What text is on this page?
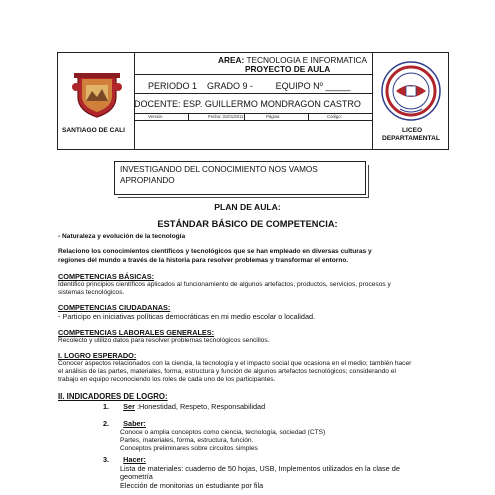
AREA: TECNOLOGIA E INFORMATICA
PROYECTO DE AULA
PERIODO 1 GRADO 9 -	EQUIPO Nº _____
DOCENTE: ESP. GUILLERMO MONDRAGON CASTRO
Versión	Fecha: 31/01/2011	Página	Código:
SANTIAGO DE CALI	LICEO
DEPARTAMENTAL
INVESTIGANDO DEL CONOCIMIENTO NOS VAMOS APROPIANDO
PLAN DE AULA:
ESTÁNDAR BÁSICO DE COMPETENCIA:
- Naturaleza y evolución de la tecnología
Relaciono los conocimientos científicos y tecnológicos que se han empleado en diversas culturas y
regiones del mundo a través de la historia para resolver problemas y transformar el entorno.
COMPETENCIAS BÁSICAS:
Identifico principios científicos aplicados al funcionamiento de algunos artefactos, productos, servicios, procesos y
sistemas tecnológicos.
COMPETENCIAS CIUDADANAS:
- Participo en iniciativas políticas democráticas en mi medio escolar o localidad.
COMPETENCIAS LABORALES GENERALES:
Recolecto y utilizo datos para resolver problemas tecnológicos sencillos.
I. LOGRO ESPERADO:
Conocer aspectos relacionados con la ciencia, la tecnología y el impacto social que ocasiona en el medio; también hacer
el análisis de las partes, materiales, forma, estructura y función de algunos artefactos tecnológicos; considerando el
trabajo en equipo reconociendo los roles de cada uno de los participantes.
II. INDICADORES DE LOGRO:
1. Ser :Honestidad, Respeto, Responsabilidad
2. Saber:
Conoce o amplia conceptos como ciencia, tecnología, sociedad (CTS)
Partes, materiales, forma, estructura, función.
Conceptos preliminares sobre circuitos simples
3. Hacer:
Lista de materiales: cuaderno de 50 hojas, USB, Implementos utilizados en la clase de
geometría
Elección de monitorias un estudiante por fila
